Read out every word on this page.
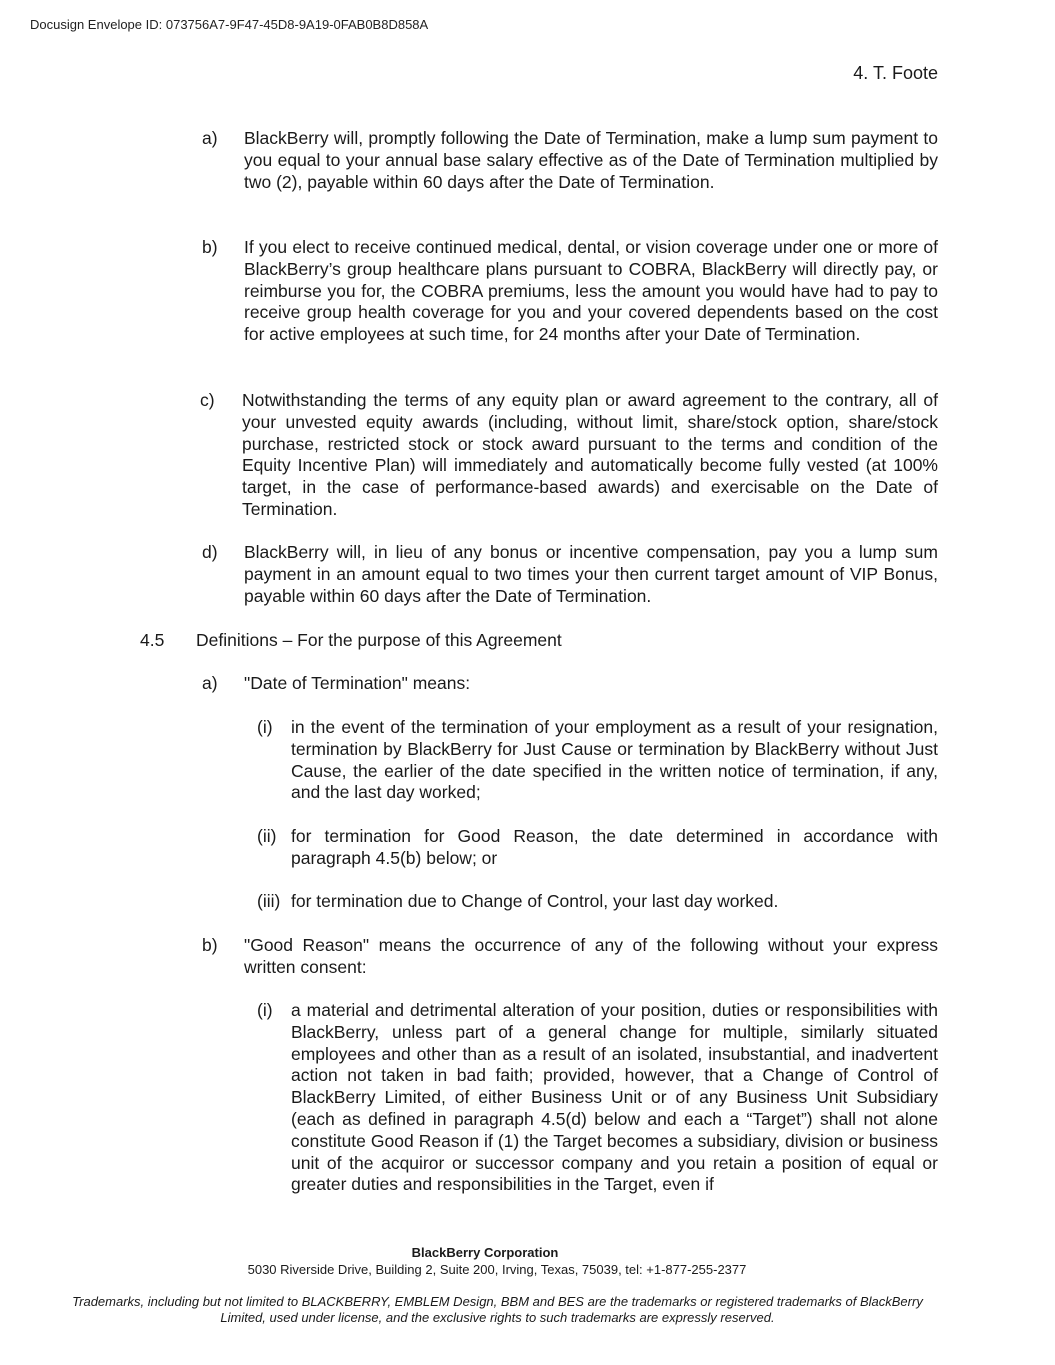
Docusign Envelope ID: 073756A7-9F47-45D8-9A19-0FAB0B8D858A
4. T. Foote
a) BlackBerry will, promptly following the Date of Termination, make a lump sum payment to you equal to your annual base salary effective as of the Date of Termination multiplied by two (2), payable within 60 days after the Date of Termination.
b) If you elect to receive continued medical, dental, or vision coverage under one or more of BlackBerry’s group healthcare plans pursuant to COBRA, BlackBerry will directly pay, or reimburse you for, the COBRA premiums, less the amount you would have had to pay to receive group health coverage for you and your covered dependents based on the cost for active employees at such time, for 24 months after your Date of Termination.
c) Notwithstanding the terms of any equity plan or award agreement to the contrary, all of your unvested equity awards (including, without limit, share/stock option, share/stock purchase, restricted stock or stock award pursuant to the terms and condition of the Equity Incentive Plan) will immediately and automatically become fully vested (at 100% target, in the case of performance-based awards) and exercisable on the Date of Termination.
d) BlackBerry will, in lieu of any bonus or incentive compensation, pay you a lump sum payment in an amount equal to two times your then current target amount of VIP Bonus, payable within 60 days after the Date of Termination.
4.5 Definitions – For the purpose of this Agreement
a) "Date of Termination" means:
(i) in the event of the termination of your employment as a result of your resignation, termination by BlackBerry for Just Cause or termination by BlackBerry without Just Cause, the earlier of the date specified in the written notice of termination, if any, and the last day worked;
(ii) for termination for Good Reason, the date determined in accordance with paragraph 4.5(b) below; or
(iii) for termination due to Change of Control, your last day worked.
b) "Good Reason" means the occurrence of any of the following without your express written consent:
(i) a material and detrimental alteration of your position, duties or responsibilities with BlackBerry, unless part of a general change for multiple, similarly situated employees and other than as a result of an isolated, insubstantial, and inadvertent action not taken in bad faith; provided, however, that a Change of Control of BlackBerry Limited, of either Business Unit or of any Business Unit Subsidiary (each as defined in paragraph 4.5(d) below and each a “Target”) shall not alone constitute Good Reason if (1) the Target becomes a subsidiary, division or business unit of the acquiror or successor company and you retain a position of equal or greater duties and responsibilities in the Target, even if
BlackBerry Corporation
5030 Riverside Drive, Building 2, Suite 200, Irving, Texas, 75039, tel: +1-877-255-2377
Trademarks, including but not limited to BLACKBERRY, EMBLEM Design, BBM and BES are the trademarks or registered trademarks of BlackBerry Limited, used under license, and the exclusive rights to such trademarks are expressly reserved.
